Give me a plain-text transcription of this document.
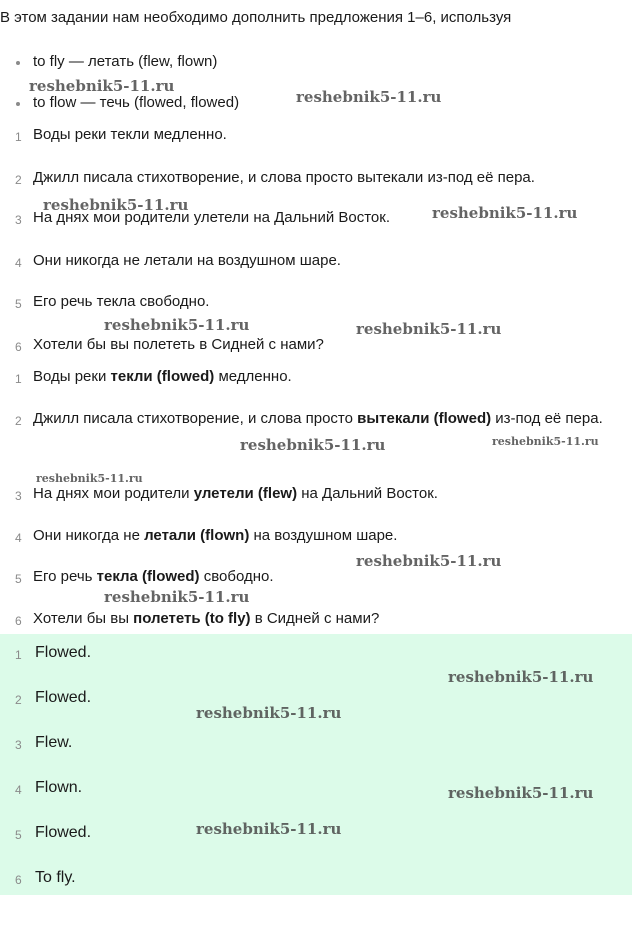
В этом задании нам необходимо дополнить предложения 1–6, используя
to fly — летать (flew, flown)
to flow — течь (flowed, flowed)
1 Воды реки текли медленно.
2 Джилл писала стихотворение, и слова просто вытекали из-под её пера.
3 На днях мои родители улетели на Дальний Восток.
4 Они никогда не летали на воздушном шаре.
5 Его речь текла свободно.
6 Хотели бы вы полететь в Сидней с нами?
1 Воды реки текли (flowed) медленно.
2 Джилл писала стихотворение, и слова просто вытекали (flowed) из-под её пера.
3 На днях мои родители улетели (flew) на Дальний Восток.
4 Они никогда не летали (flown) на воздушном шаре.
5 Его речь текла (flowed) свободно.
6 Хотели бы вы полететь (to fly) в Сидней с нами?
1 Flowed.
2 Flowed.
3 Flew.
4 Flown.
5 Flowed.
6 To fly.
reshebnik5-11.ru
reshebnik5-11.ru
reshebnik5-11.ru	reshebnik5-11.ru
reshebnik5-11.ru	reshebnik5-11.ru
reshebnik5-11.ru	reshebnik5-11.ru
reshebnik5-11.ru
reshebnik5-11.ru
reshebnik5-11.ru
reshebnik5-11.ru
reshebnik5-11.ru
reshebnik5-11.ru
reshebnik5-11.ru
